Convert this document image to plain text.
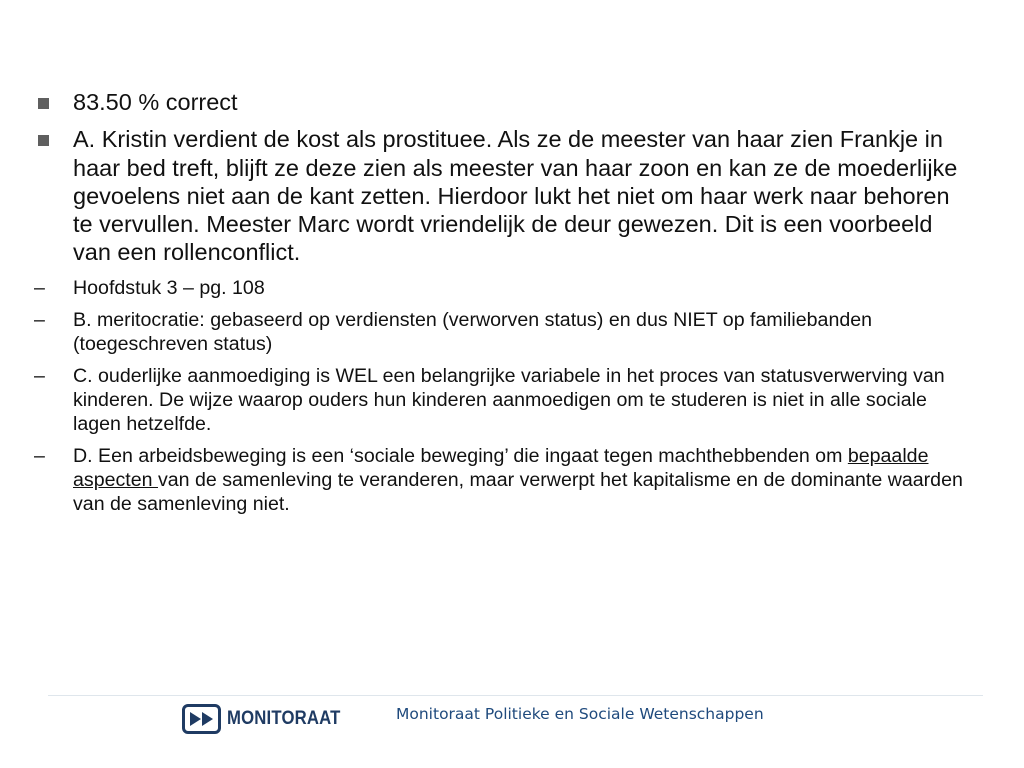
83.50 % correct
A. Kristin verdient de kost als prostituee. Als ze de meester van haar zien Frankje in haar bed treft, blijft ze deze zien als meester van haar zoon en kan ze de moederlijke gevoelens niet aan de kant zetten. Hierdoor lukt het niet om haar werk naar behoren te vervullen. Meester Marc wordt vriendelijk de deur gewezen. Dit is een voorbeeld van een rollenconflict.
– Hoofdstuk 3 – pg. 108
– B. meritocratie: gebaseerd op verdiensten (verworven status) en dus NIET op familiebanden (toegeschreven status)
– C. ouderlijke aanmoediging is WEL een belangrijke variabele in het proces van statusverwerving van kinderen. De wijze waarop ouders hun kinderen aanmoedigen om te studeren is niet in alle sociale lagen hetzelfde.
– D. Een arbeidsbeweging is een ‘sociale beweging’ die ingaat tegen machthebbenden om bepaalde aspecten van de samenleving te veranderen, maar verwerpt het kapitalisme en de dominante waarden van de samenleving niet.
MONITORAAT	Monitoraat Politieke en Sociale Wetenschappen
